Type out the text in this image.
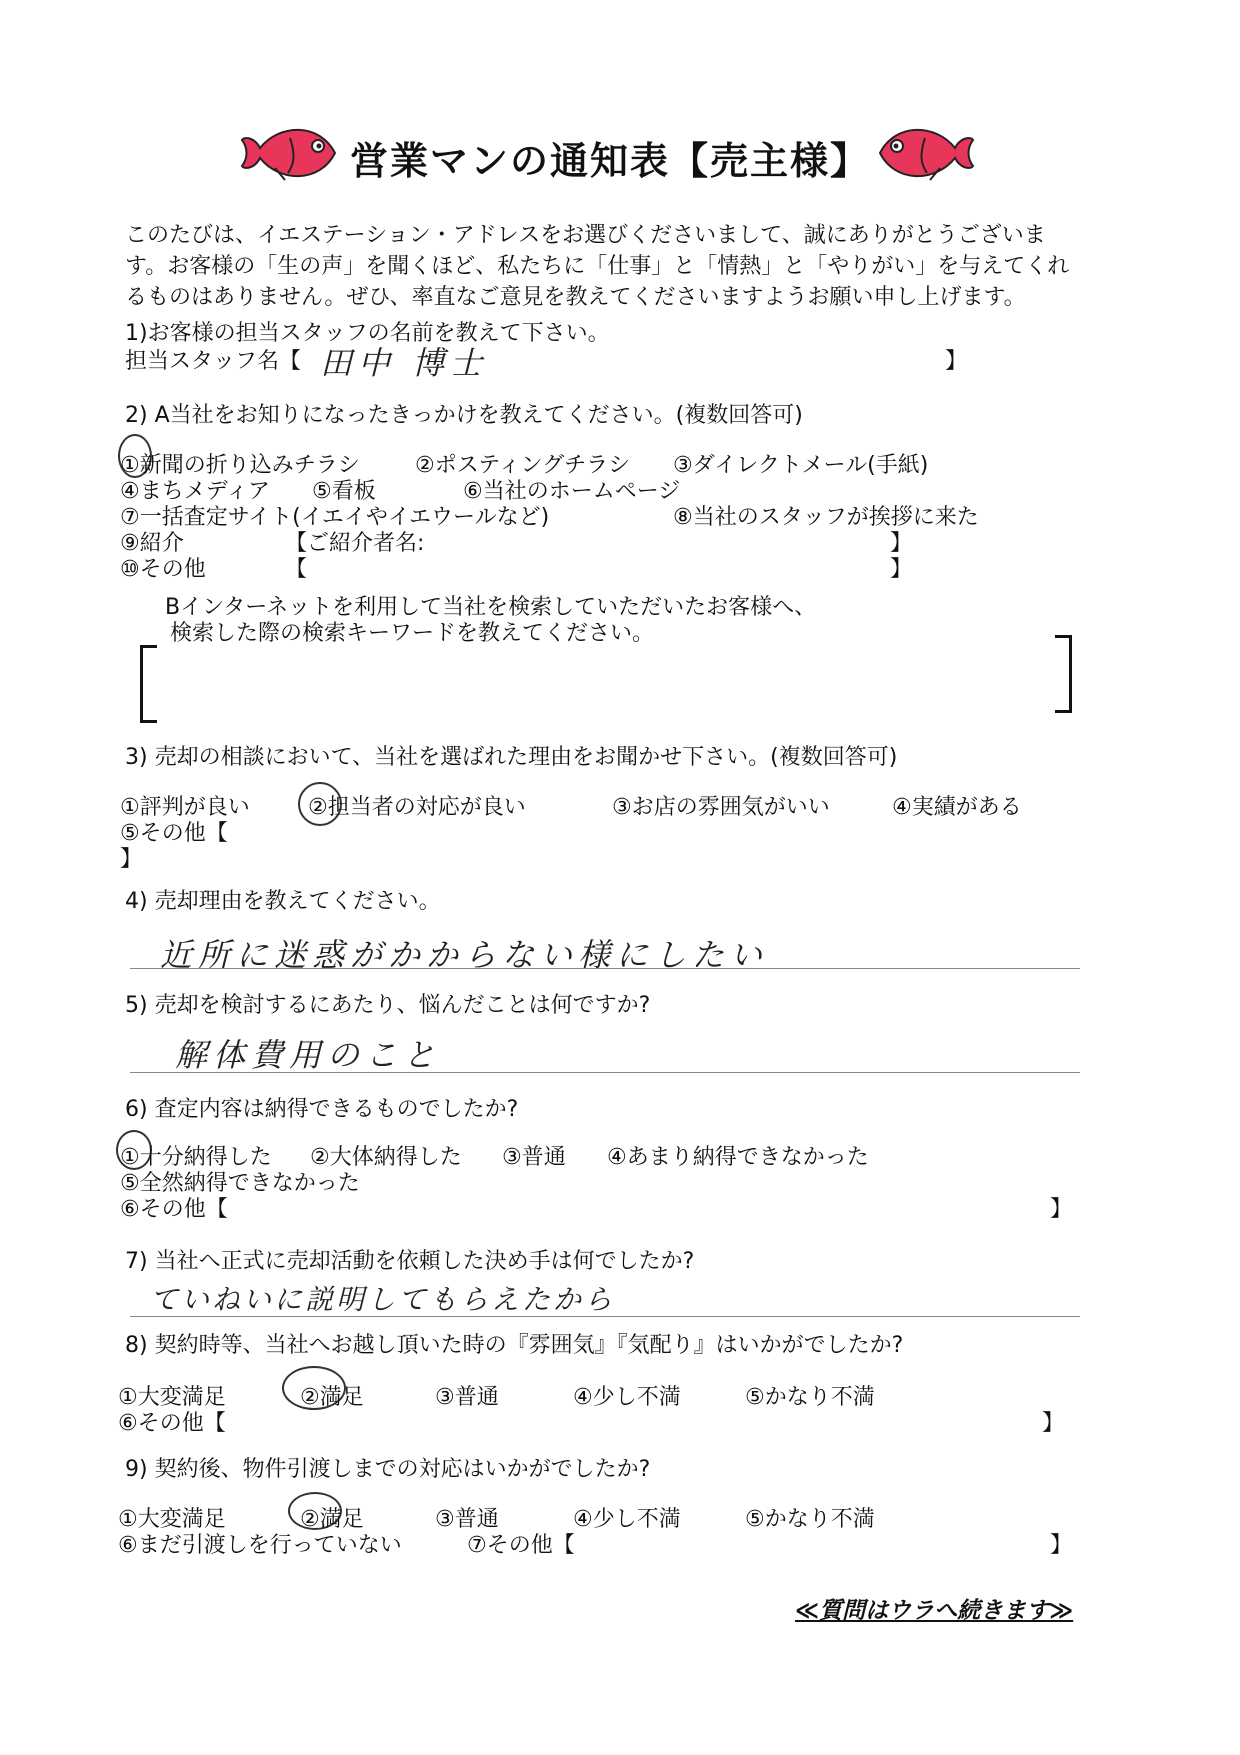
営業マンの通知表【売主様】
このたびは、イエステーション・アドレスをお選びくださいまして、誠にありがとうございます。お客様の「生の声」を聞くほど、私たちに「仕事」と「情熱」と「やりがい」を与えてくれるものはありません。ぜひ、率直なご意見を教えてくださいますようお願い申し上げます。
1)お客様の担当スタッフの名前を教えて下さい。
担当スタッフ名【 田中 博士	】
2) A当社をお知りになったきっかけを教えてください。(複数回答可)
①新聞の折り込みチラシ	②ポスティングチラシ ③ダイレクトメール(手紙)
④まちメディア ⑤看板	⑥当社のホームページ
⑦一括査定サイト(イエイやイエウールなど)	⑧当社のスタッフが挨拶に来た
⑨紹介	【ご紹介者名:	】
⑩その他	【	】
Bインターネットを利用して当社を検索していただいたお客様へ、
検索した際の検索キーワードを教えてください。
3) 売却の相談において、当社を選ばれた理由をお聞かせ下さい。(複数回答可)
①評判が良い	②担当者の対応が良い	③お店の雰囲気がいい	④実績がある
⑤その他【
】
4) 売却理由を教えてください。
近所に迷惑がかからない様にしたい
5) 売却を検討するにあたり、悩んだことは何ですか?
解体費用のこと
6) 査定内容は納得できるものでしたか?
①十分納得した ②大体納得した ③普通 ④あまり納得できなかった
⑤全然納得できなかった
⑥その他【	】
7) 当社へ正式に売却活動を依頼した決め手は何でしたか?
ていねいに説明してもらえたから
8) 契約時等、当社へお越し頂いた時の『雰囲気』『気配り』はいかがでしたか?
①大変満足	②満足	③普通	④少し不満	⑤かなり不満
⑥その他【	】
9) 契約後、物件引渡しまでの対応はいかがでしたか?
①大変満足	②満足	③普通	④少し不満	⑤かなり不満
⑥まだ引渡しを行っていない	⑦その他【	】
≪質問はウラへ続きます≫
